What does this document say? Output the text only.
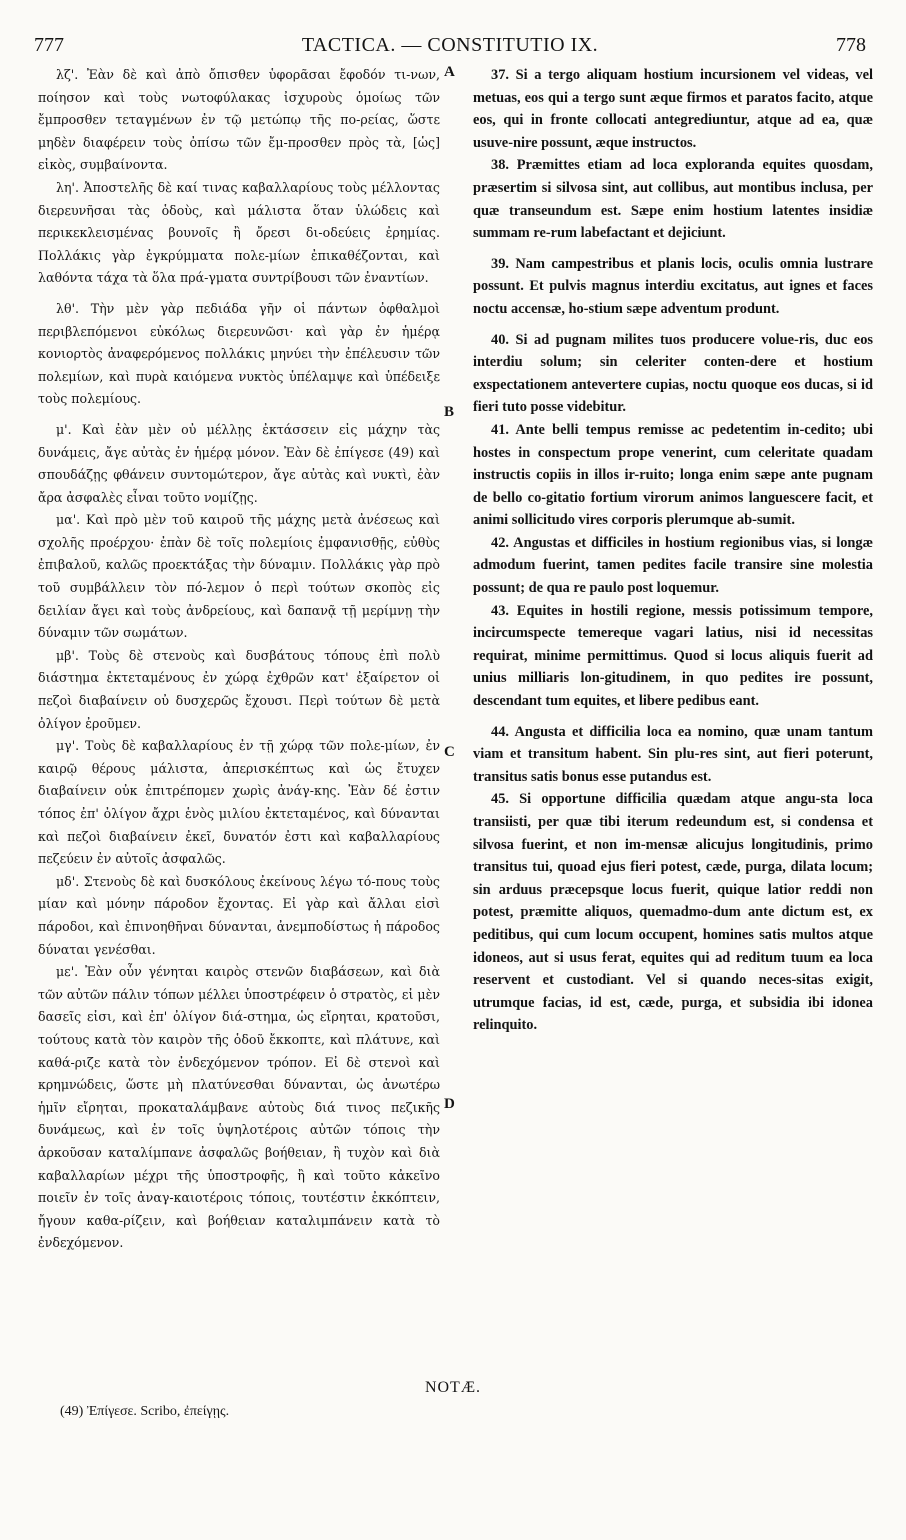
777	TACTICA. — CONSTITUTIO IX.	778

λζ'. Ἐὰν δὲ καὶ ἀπὸ ὄπισθεν ὑφορᾶσαι ἔφοδόν τι-νων, ποίησον καὶ τοὺς νωτοφύλακας ἰσχυροὺς ὁμοίως τῶν ἔμπροσθεν τεταγμένων ἐν τῷ μετώπῳ τῆς πο-ρείας, ὥστε μηδὲν διαφέρειν τοὺς ὀπίσω τῶν ἔμ-προσθεν πρὸς τὰ, [ὡς] εἰκὸς, συμβαίνοντα.

λη'. Ἀποστελῆς δὲ καί τινας καβαλλαρίους τοὺς μέλλοντας διερευνῆσαι τὰς ὁδοὺς, καὶ μάλιστα ὅταν ὑλώδεις καὶ περικεκλεισμένας βουνοῖς ἢ ὄρεσι δι-οδεύεις ἐρημίας. Πολλάκις γὰρ ἐγκρύμματα πολε-μίων ἐπικαθέζονται, καὶ λαθόντα τάχα τὰ ὅλα πρά-γματα συντρίβουσι τῶν ἐναντίων.

λθ'. Τὴν μὲν γὰρ πεδιάδα γῆν οἱ πάντων ὀφθαλμοὶ περιβλεπόμενοι εὐκόλως διερευνῶσι· καὶ γὰρ ἐν ἡμέρᾳ κονιορτὸς ἀναφερόμενος πολλάκις μηνύει τὴν ἐπέλευσιν τῶν πολεμίων, καὶ πυρὰ καιόμενα νυκτὸς ὑπέλαμψε καὶ ὑπέδειξε τοὺς πολεμίους.

μ'. Καὶ ἐὰν μὲν οὐ μέλλῃς ἐκτάσσειν εἰς μάχην τὰς δυνάμεις, ἄγε αὐτὰς ἐν ἡμέρᾳ μόνον. Ἐὰν δὲ ἐπίγεσε (49) καὶ σπουδάζῃς φθάνειν συντομώτερον, ἄγε αὐτὰς καὶ νυκτὶ, ἐὰν ἄρα ἀσφαλὲς εἶναι τοῦτο νομίζῃς.

μα'. Καὶ πρὸ μὲν τοῦ καιροῦ τῆς μάχης μετὰ ἀνέσεως καὶ σχολῆς προέρχου· ἐπὰν δὲ τοῖς πολεμίοις ἐμφανισθῇς, εὐθὺς ἐπιβαλοῦ, καλῶς προεκτάξας τὴν δύναμιν. Πολλάκις γὰρ πρὸ τοῦ συμβάλλειν τὸν πό-λεμον ὁ περὶ τούτων σκοπὸς εἰς δειλίαν ἄγει καὶ τοὺς ἀνδρείους, καὶ δαπανᾷ τῇ μερίμνῃ τὴν δύναμιν τῶν σωμάτων.

μβ'. Τοὺς δὲ στενοὺς καὶ δυσβάτους τόπους ἐπὶ πολὺ διάστημα ἐκτεταμένους ἐν χώρᾳ ἐχθρῶν κατ' ἐξαίρετον οἱ πεζοὶ διαβαίνειν οὐ δυσχερῶς ἔχουσι. Περὶ τούτων δὲ μετὰ ὀλίγον ἐροῦμεν.

μγ'. Τοὺς δὲ καβαλλαρίους ἐν τῇ χώρᾳ τῶν πολε-μίων, ἐν καιρῷ θέρους μάλιστα, ἀπερισκέπτως καὶ ὡς ἔτυχεν διαβαίνειν οὐκ ἐπιτρέπομεν χωρὶς ἀνάγ-κης. Ἐὰν δέ ἐστιν τόπος ἐπ' ὀλίγον ἄχρι ἑνὸς μιλίου ἐκτεταμένος, καὶ δύνανται καὶ πεζοὶ διαβαίνειν ἐκεῖ, δυνατόν ἐστι καὶ καβαλλαρίους πεζεύειν ἐν αὐτοῖς ἀσφαλῶς.

μδ'. Στενοὺς δὲ καὶ δυσκόλους ἐκείνους λέγω τό-πους τοὺς μίαν καὶ μόνην πάροδον ἔχοντας. Εἰ γὰρ καὶ ἄλλαι εἰσὶ πάροδοι, καὶ ἐπινοηθῆναι δύνανται, ἀνεμποδίστως ἡ πάροδος δύναται γενέσθαι.

με'. Ἐὰν οὖν γένηται καιρὸς στενῶν διαβάσεων, καὶ διὰ τῶν αὐτῶν πάλιν τόπων μέλλει ὑποστρέφειν ὁ στρατὸς, εἰ μὲν δασεῖς εἰσι, καὶ ἐπ' ὀλίγον διά-στημα, ὡς εἴρηται, κρατοῦσι, τούτους κατὰ τὸν καιρὸν τῆς ὁδοῦ ἔκκοπτε, καὶ πλάτυνε, καὶ καθά-ριζε κατὰ τὸν ἐνδεχόμενον τρόπον. Εἰ δὲ στενοὶ καὶ κρημνώδεις, ὥστε μὴ πλατύνεσθαι δύνανται, ὡς ἀνωτέρω ἡμῖν εἴρηται, προκαταλάμβανε αὐτοὺς διά τινος πεζικῆς δυνάμεως, καὶ ἐν τοῖς ὑψηλοτέροις αὐτῶν τόποις τὴν ἀρκοῦσαν καταλίμπανε ἀσφαλῶς βοήθειαν, ἢ τυχὸν καὶ διὰ καβαλλαρίων μέχρι τῆς ὑποστροφῆς, ἢ καὶ τοῦτο κἀκεῖνο ποιεῖν ἐν τοῖς ἀναγ-καιοτέροις τόποις, τουτέστιν ἐκκόπτειν, ἤγουν καθα-ρίζειν, καὶ βοήθειαν καταλιμπάνειν κατὰ τὸ ἐνδεχόμενον.

A
B
C
D

37. Si a tergo aliquam hostium incursionem vel videas, vel metuas, eos qui a tergo sunt æque firmos et paratos facito, atque eos, qui in fronte collocati antegrediuntur, atque ad ea, quæ usuve-nire possunt, æque instructos.

38. Præmittes etiam ad loca exploranda equites quosdam, præsertim si silvosa sint, aut collibus, aut montibus inclusa, per quæ transeundum est. Sæpe enim hostium latentes insidiæ summam re-rum labefactant et dejiciunt.

39. Nam campestribus et planis locis, oculis omnia lustrare possunt. Et pulvis magnus interdiu excitatus, aut ignes et faces noctu accensæ, ho-stium sæpe adventum produnt.

40. Si ad pugnam milites tuos producere volue-ris, duc eos interdiu solum; sin celeriter conten-dere et hostium exspectationem antevertere cupias, noctu quoque eos ducas, si id fieri tuto posse videbitur.

41. Ante belli tempus remisse ac pedetentim in-cedito; ubi hostes in conspectum prope venerint, cum celeritate quadam instructis copiis in illos ir-ruito; longa enim sæpe ante pugnam de bello co-gitatio fortium virorum animos languescere facit, et animi sollicitudo vires corporis plerumque ab-sumit.

42. Angustas et difficiles in hostium regionibus vias, si longæ admodum fuerint, tamen pedites facile transire sine molestia possunt; de qua re paulo post loquemur.

43. Equites in hostili regione, messis potissimum tempore, incircumspecte temereque vagari latius, nisi id necessitas requirat, minime permittimus. Quod si locus aliquis fuerit ad unius milliaris lon-gitudinem, in quo pedites ire possunt, descendant tum equites, et libere pedibus eant.

44. Angusta et difficilia loca ea nomino, quæ unam tantum viam et transitum habent. Sin plu-res sint, aut fieri poterunt, transitus satis bonus esse putandus est.

45. Si opportune difficilia quædam atque angu-sta loca transiisti, per quæ tibi iterum redeundum est, si condensa et silvosa fuerint, et non im-mensæ alicujus longitudinis, primo transitus tui, quoad ejus fieri potest, cæde, purga, dilata locum; sin arduus præcepsque locus fuerit, quique latior reddi non potest, præmitte aliquos, quemadmo-dum ante dictum est, ex peditibus, qui cum locum occupent, homines satis multos atque idoneos, aut si usus ferat, equites qui ad reditum tuum ea loca reservent et custodiant. Vel si quando neces-sitas exigit, utrumque facias, id est, cæde, purga, et subsidia ibi idonea relinquito.

NOTÆ.
(49) Ἐπίγεσε. Scribo, ἐπείγῃς.
